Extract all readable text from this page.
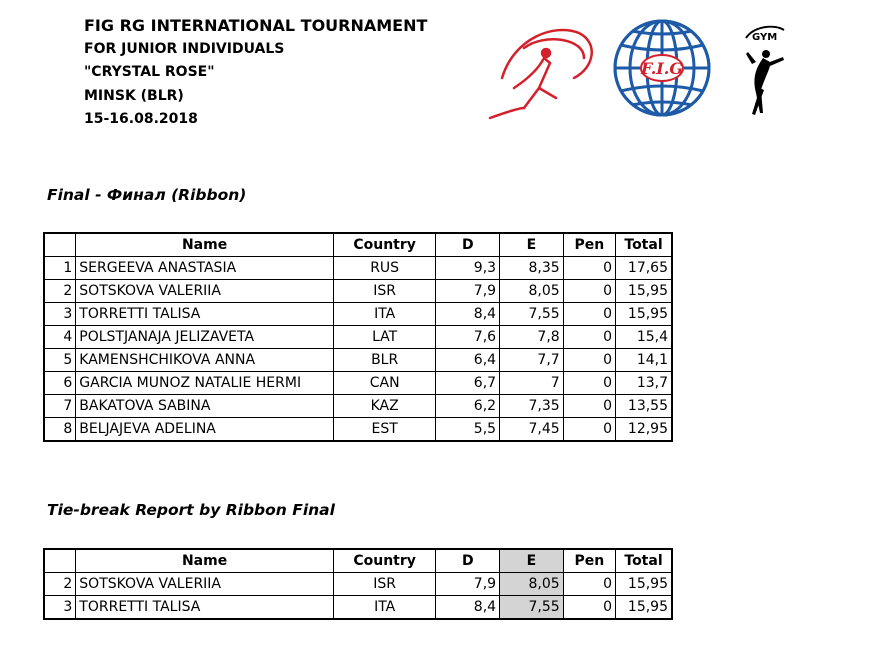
FIG RG INTERNATIONAL TOURNAMENT
FOR JUNIOR INDIVIDUALS
"CRYSTAL ROSE"
MINSK (BLR)
15-16.08.2018
F.I.G
GYM
Final - Финал (Ribbon)
	Name	Country	D	E	Pen	Total
1	SERGEEVA ANASTASIA	RUS	9,3	8,35	0	17,65
2	SOTSKOVA VALERIIA	ISR	7,9	8,05	0	15,95
3	TORRETTI TALISA	ITA	8,4	7,55	0	15,95
4	POLSTJANAJA JELIZAVETA	LAT	7,6	7,8	0	15,4
5	KAMENSHCHIKOVA ANNA	BLR	6,4	7,7	0	14,1
6	GARCIA MUNOZ NATALIE HERMI	CAN	6,7	7	0	13,7
7	BAKATOVA SABINA	KAZ	6,2	7,35	0	13,55
8	BELJAJEVA ADELINA	EST	5,5	7,45	0	12,95
Tie-break Report by Ribbon Final
	Name	Country	D	E	Pen	Total
2	SOTSKOVA VALERIIA	ISR	7,9	8,05	0	15,95
3	TORRETTI TALISA	ITA	8,4	7,55	0	15,95
